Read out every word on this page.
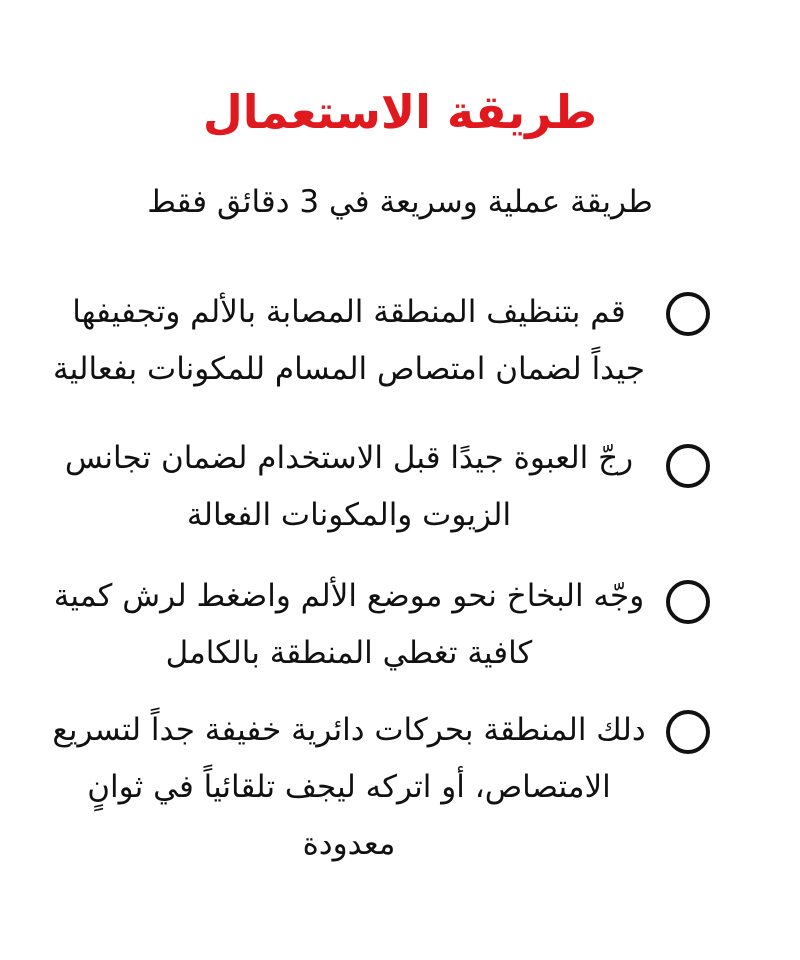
طريقة الاستعمال

طريقة عملية وسريعة في 3 دقائق فقط

قم بتنظيف المنطقة المصابة بالألم وتجفيفها جيداً لضمان امتصاص المسام للمكونات بفعالية

رجّ العبوة جيدًا قبل الاستخدام لضمان تجانس الزيوت والمكونات الفعالة

وجّه البخاخ نحو موضع الألم واضغط لرش كمية كافية تغطي المنطقة بالكامل

دلك المنطقة بحركات دائرية خفيفة جداً لتسريع الامتصاص، أو اتركه ليجف تلقائياً في ثوانٍ معدودة
